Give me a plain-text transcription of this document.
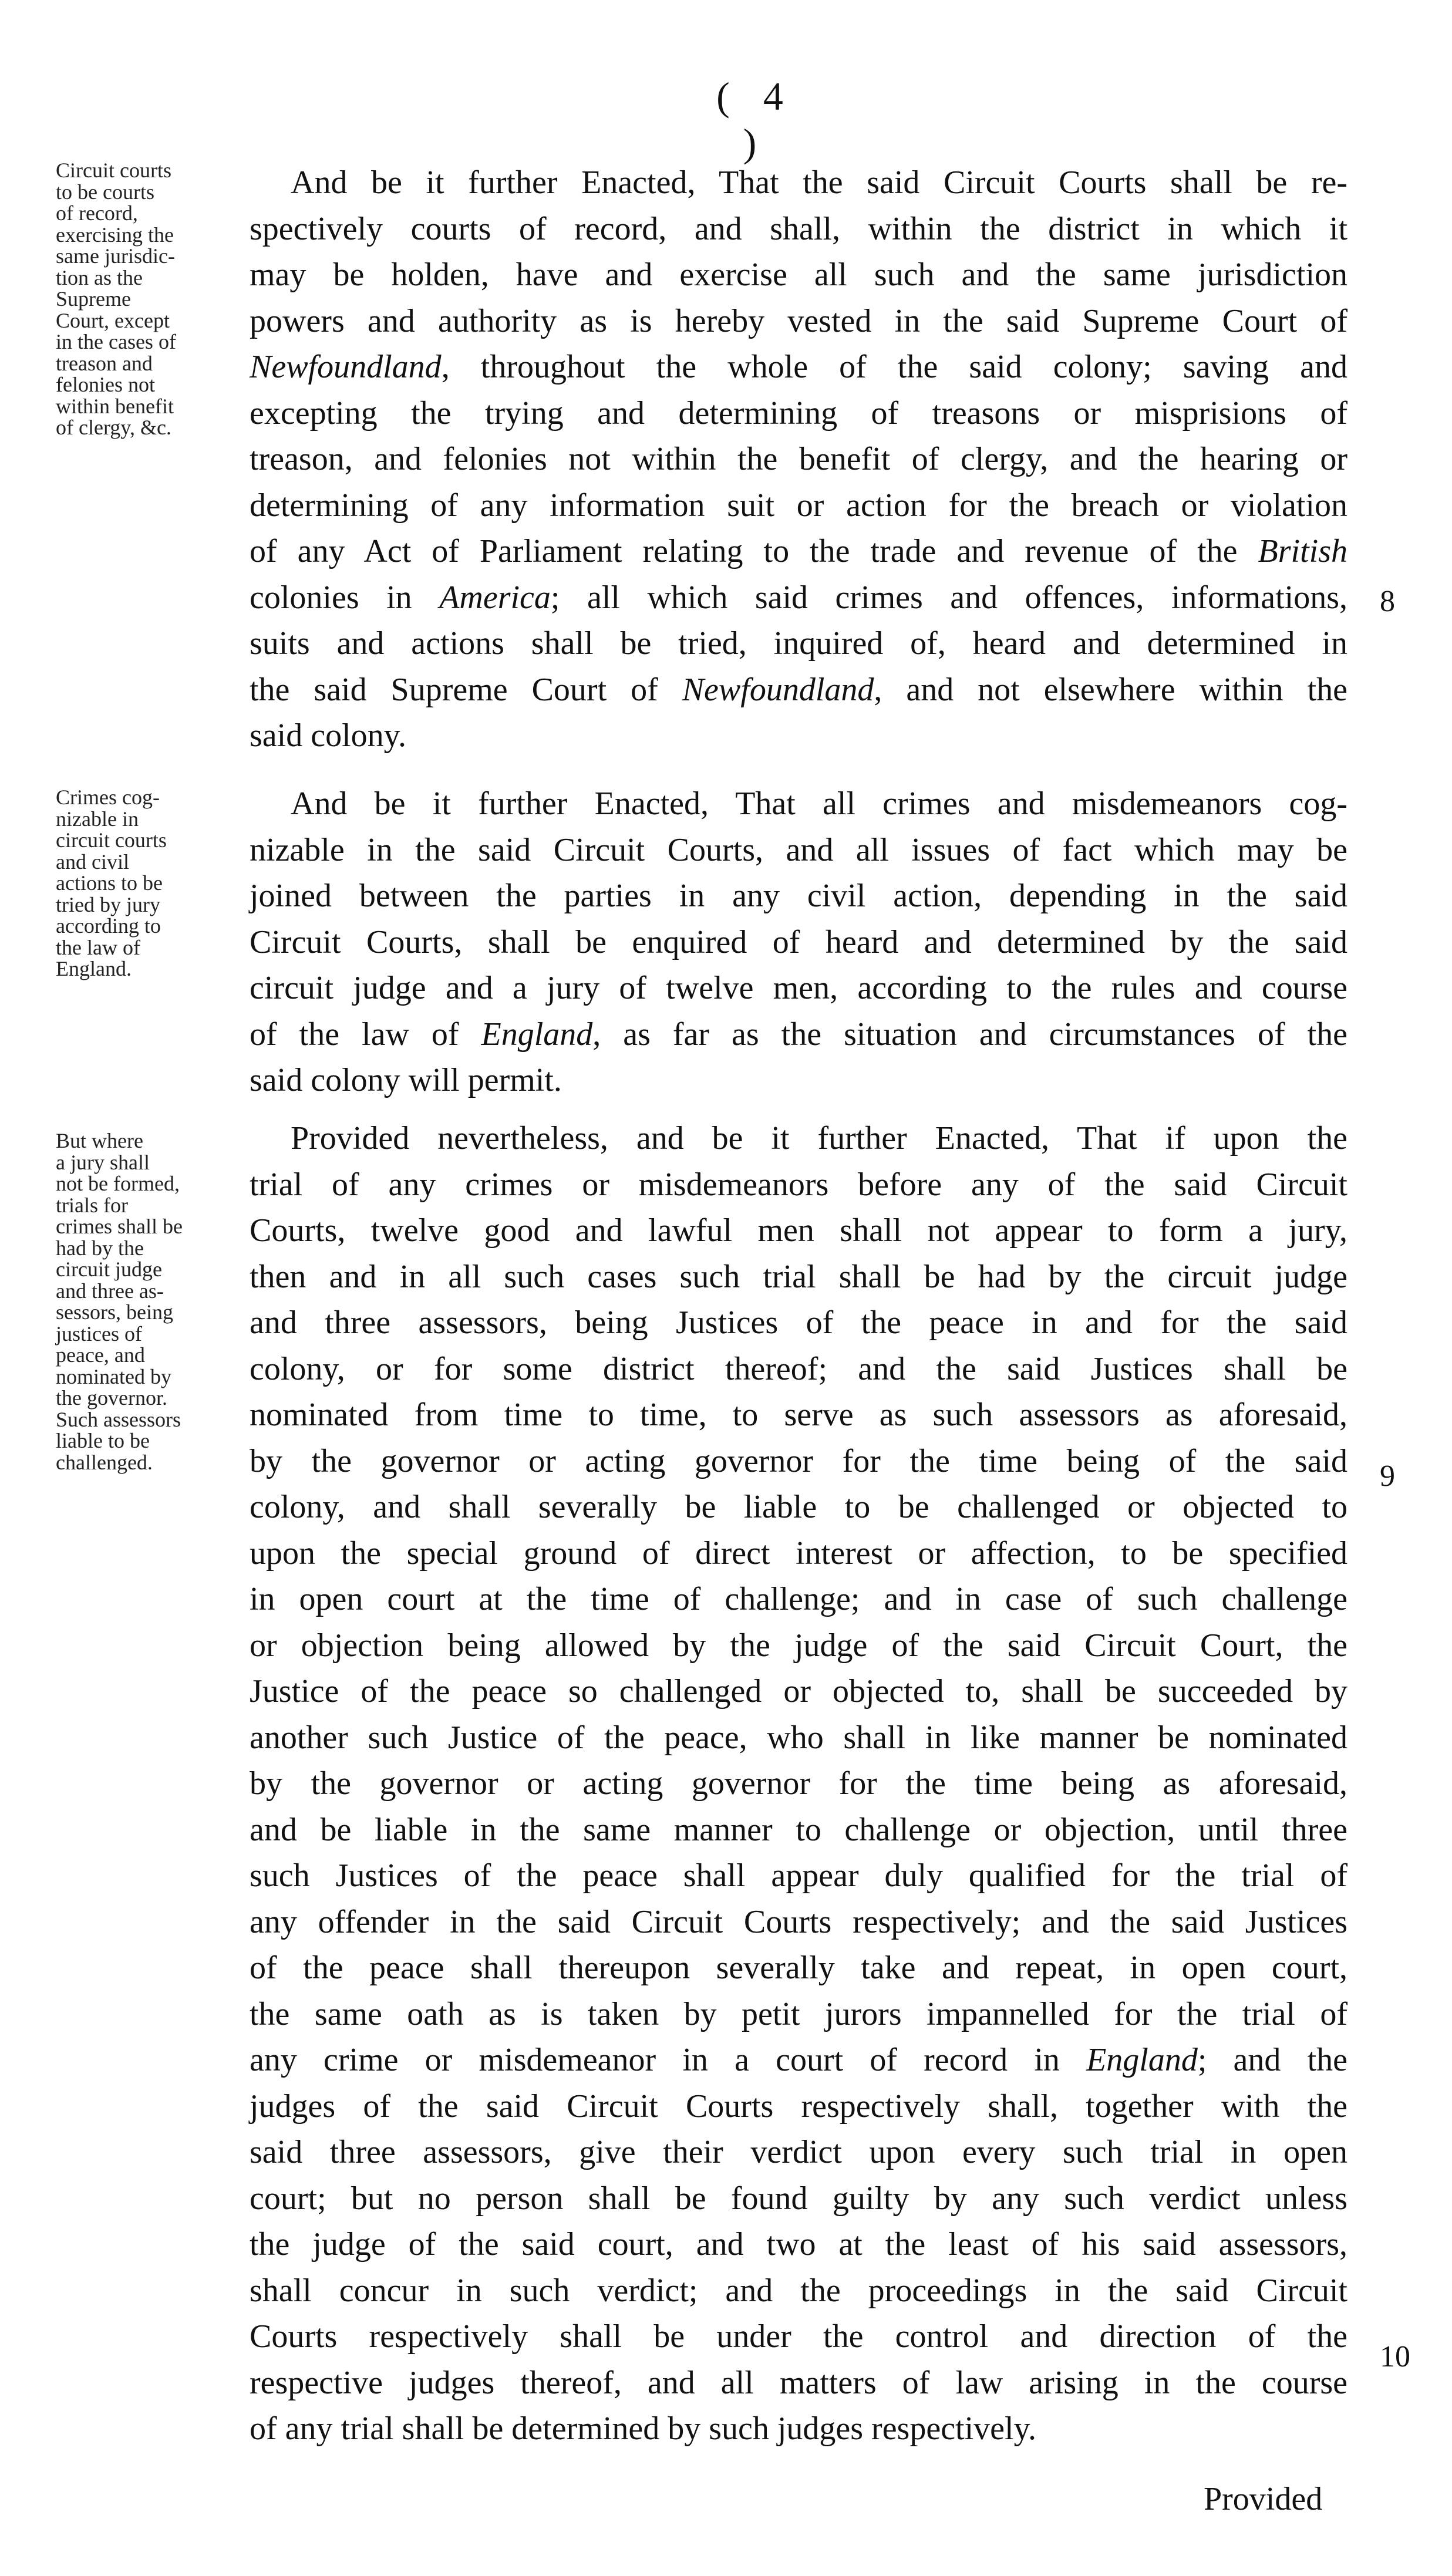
( 4 )
Circuit courts
to be courts
of record,
exercising the
same jurisdic-
tion as the
Supreme
Court, except
in the cases of
treason and
felonies not
within benefit
of clergy, &c.
And be it further Enacted, That the said Circuit Courts shall be re-
spectively courts of record, and shall, within the district in which it
may be holden, have and exercise all such and the same jurisdiction
powers and authority as is hereby vested in the said Supreme Court of
Newfoundland, throughout the whole of the said colony; saving and
excepting the trying and determining of treasons or misprisions of
treason, and felonies not within the benefit of clergy, and the hearing or
determining of any information suit or action for the breach or violation
of any Act of Parliament relating to the trade and revenue of the British
colonies in America; all which said crimes and offences, informations,
suits and actions shall be tried, inquired of, heard and determined in
the said Supreme Court of Newfoundland, and not elsewhere within the
said colony.
8
Crimes cog-
nizable in
circuit courts
and civil
actions to be
tried by jury
according to
the law of
England.
And be it further Enacted, That all crimes and misdemeanors cog-
nizable in the said Circuit Courts, and all issues of fact which may be
joined between the parties in any civil action, depending in the said
Circuit Courts, shall be enquired of heard and determined by the said
circuit judge and a jury of twelve men, according to the rules and course
of the law of England, as far as the situation and circumstances of the
said colony will permit.
But where
a jury shall
not be formed,
trials for
crimes shall be
had by the
circuit judge
and three as-
sessors, being
justices of
peace, and
nominated by
the governor.
Such assessors
liable to be
challenged.
Provided nevertheless, and be it further Enacted, That if upon the
trial of any crimes or misdemeanors before any of the said Circuit
Courts, twelve good and lawful men shall not appear to form a jury,
then and in all such cases such trial shall be had by the circuit judge
and three assessors, being Justices of the peace in and for the said
colony, or for some district thereof; and the said Justices shall be
nominated from time to time, to serve as such assessors as aforesaid,
by the governor or acting governor for the time being of the said
colony, and shall severally be liable to be challenged or objected to
upon the special ground of direct interest or affection, to be specified
in open court at the time of challenge; and in case of such challenge
or objection being allowed by the judge of the said Circuit Court, the
Justice of the peace so challenged or objected to, shall be succeeded by
another such Justice of the peace, who shall in like manner be nominated
by the governor or acting governor for the time being as aforesaid,
and be liable in the same manner to challenge or objection, until three
such Justices of the peace shall appear duly qualified for the trial of
any offender in the said Circuit Courts respectively; and the said Justices
of the peace shall thereupon severally take and repeat, in open court,
the same oath as is taken by petit jurors impannelled for the trial of
any crime or misdemeanor in a court of record in England; and the
judges of the said Circuit Courts respectively shall, together with the
said three assessors, give their verdict upon every such trial in open
court; but no person shall be found guilty by any such verdict unless
the judge of the said court, and two at the least of his said assessors,
shall concur in such verdict; and the proceedings in the said Circuit
Courts respectively shall be under the control and direction of the
respective judges thereof, and all matters of law arising in the course
of any trial shall be determined by such judges respectively.
9
10
Provided
